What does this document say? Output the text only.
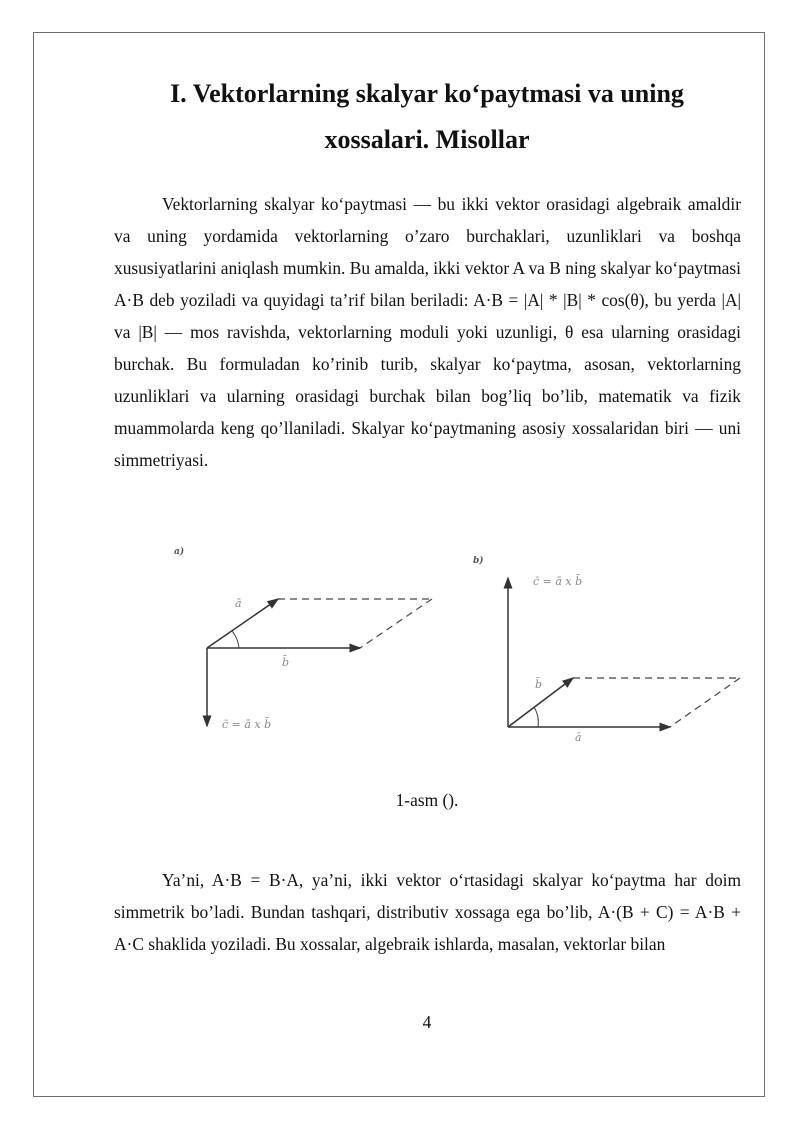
I. Vektorlarning skalyar ko‘paytmasi va uning
xossalari. Misollar

Vektorlarning skalyar ko‘paytmasi — bu ikki vektor orasidagi algebraik amaldir va uning yordamida vektorlarning o’zaro burchaklari, uzunliklari va boshqa xususiyatlarini aniqlash mumkin. Bu amalda, ikki vektor A va B ning skalyar ko‘paytmasi A·B deb yoziladi va quyidagi ta’rif bilan beriladi: A·B = |A| * |B| * cos(θ), bu yerda |A| va |B| — mos ravishda, vektorlarning moduli yoki uzunligi, θ esa ularning orasidagi burchak. Bu formuladan ko’rinib turib, skalyar ko‘paytma, asosan, vektorlarning uzunliklari va ularning orasidagi burchak bilan bog’liq bo’lib, matematik va fizik muammolarda keng qo’llaniladi. Skalyar ko‘paytmaning asosiy xossalaridan biri — uni simmetriyasi.

a)
ā
b̄
c̄ = ā x b̄
b)
c̄ = ā x b̄
b̄
ā
1-asm ().

Ya’ni, A·B = B·A, ya’ni, ikki vektor o‘rtasidagi skalyar ko‘paytma har doim simmetrik bo’ladi. Bundan tashqari, distributiv xossaga ega bo’lib, A·(B + C) = A·B + A·C shaklida yoziladi. Bu xossalar, algebraik ishlarda, masalan, vektorlar bilan

4
